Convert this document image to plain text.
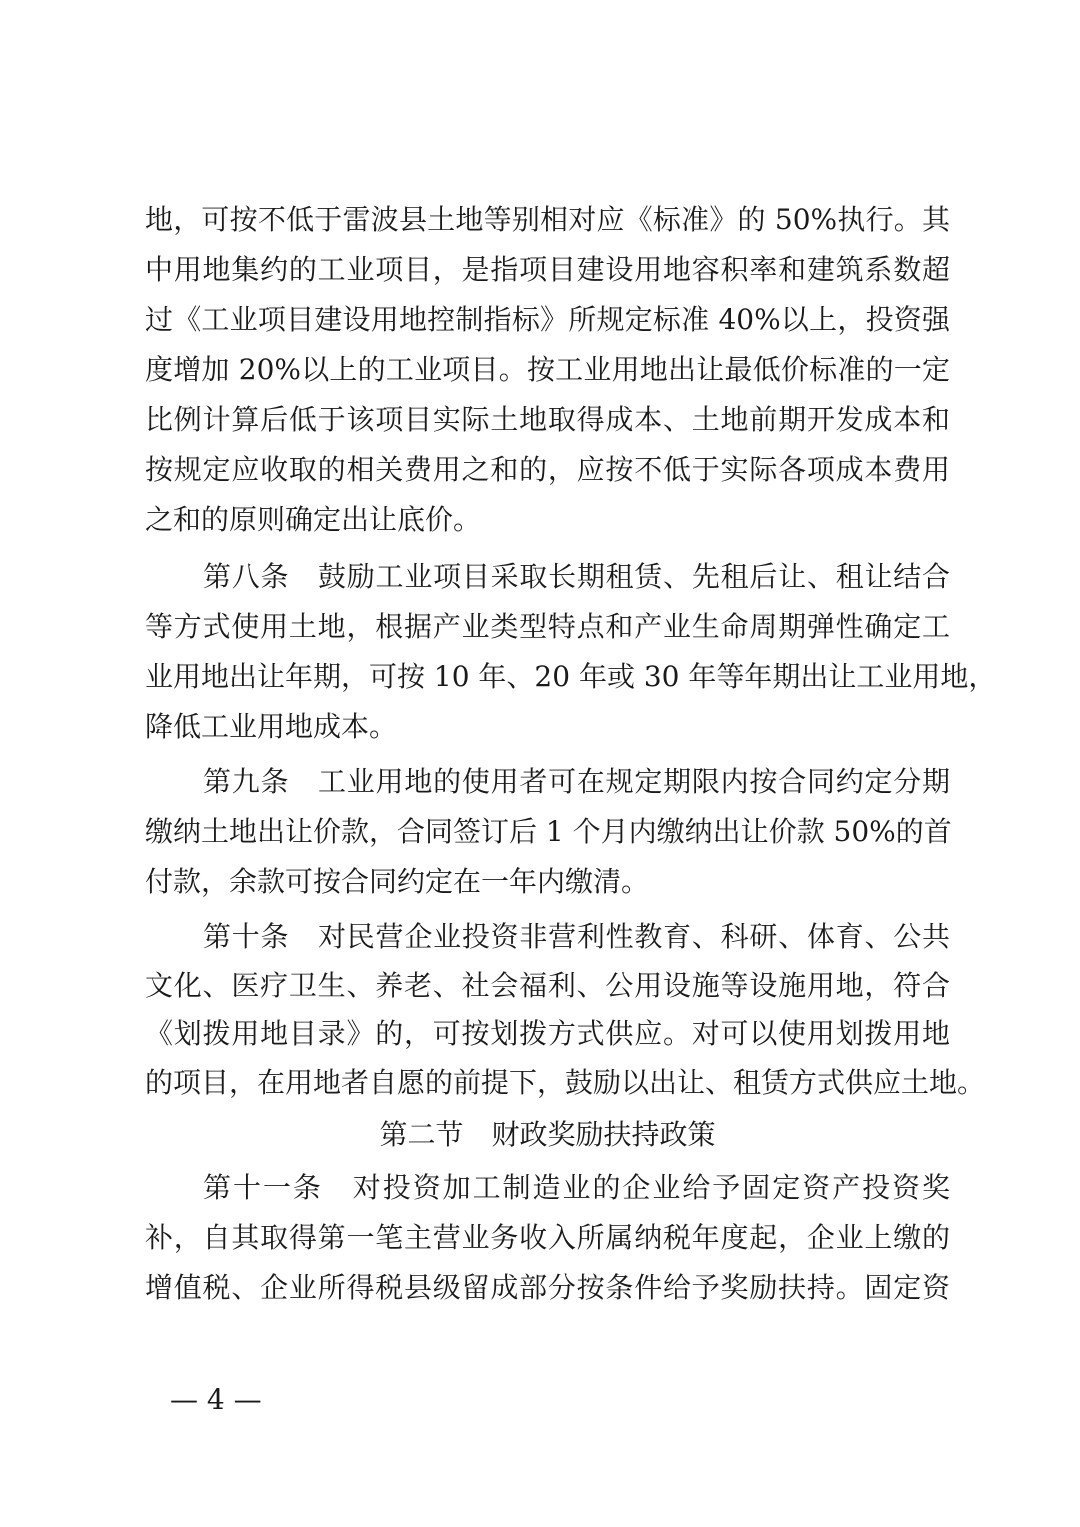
地，可按不低于雷波县土地等别相对应《标准》的 50%执行。其
中用地集约的工业项目，是指项目建设用地容积率和建筑系数超
过《工业项目建设用地控制指标》所规定标准 40%以上，投资强
度增加 20%以上的工业项目。按工业用地出让最低价标准的一定
比例计算后低于该项目实际土地取得成本、土地前期开发成本和
按规定应收取的相关费用之和的，应按不低于实际各项成本费用
之和的原则确定出让底价。
第八条　鼓励工业项目采取长期租赁、先租后让、租让结合
等方式使用土地，根据产业类型特点和产业生命周期弹性确定工
业用地出让年期，可按 10 年、20 年或 30 年等年期出让工业用地，
降低工业用地成本。
第九条　工业用地的使用者可在规定期限内按合同约定分期
缴纳土地出让价款，合同签订后 1 个月内缴纳出让价款 50%的首
付款，余款可按合同约定在一年内缴清。
第十条　对民营企业投资非营利性教育、科研、体育、公共
文化、医疗卫生、养老、社会福利、公用设施等设施用地，符合
《划拨用地目录》的，可按划拨方式供应。对可以使用划拨用地
的项目，在用地者自愿的前提下，鼓励以出让、租赁方式供应土地。
第二节　财政奖励扶持政策
第十一条　对投资加工制造业的企业给予固定资产投资奖
补，自其取得第一笔主营业务收入所属纳税年度起，企业上缴的
增值税、企业所得税县级留成部分按条件给予奖励扶持。固定资
— 4 —
